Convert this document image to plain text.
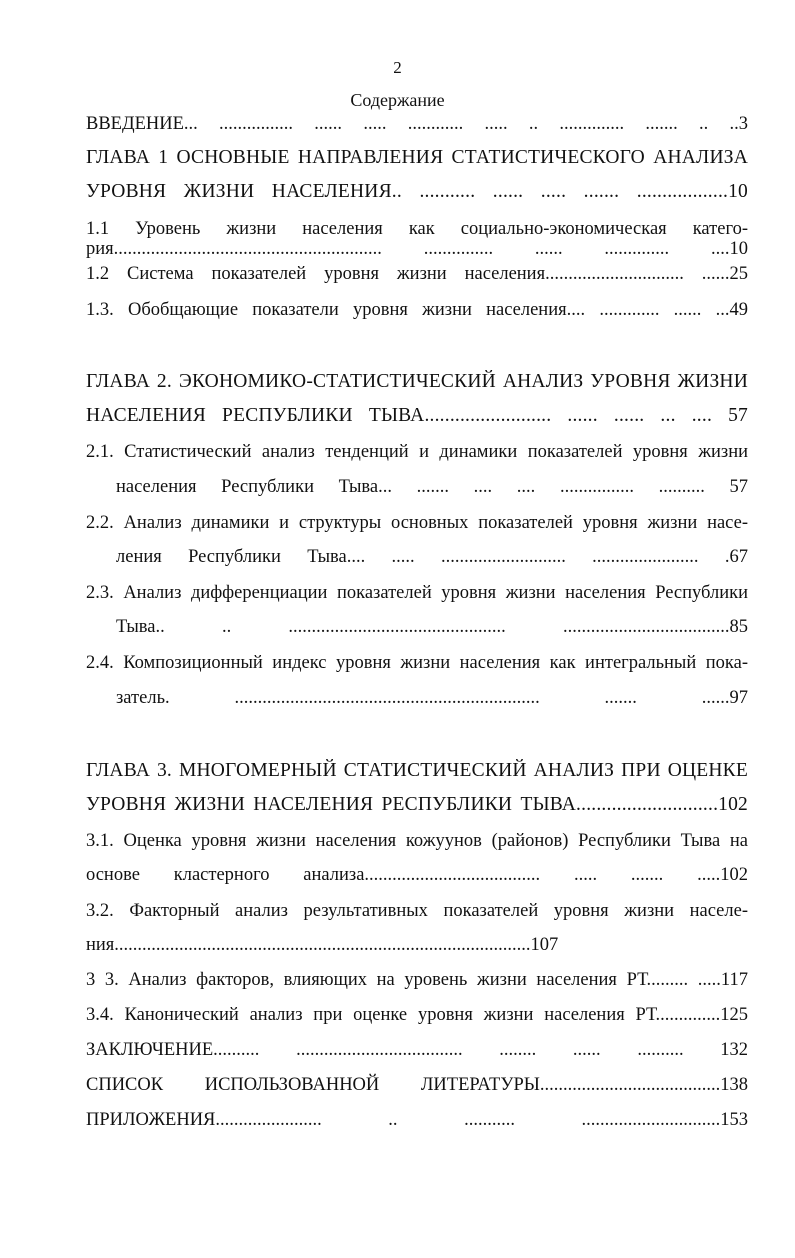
2
Содержание
ВВЕДЕНИЕ... ................ ...... ..... ............ ..... .. .............. ....... .. ..3
ГЛАВА 1 ОСНОВНЫЕ НАПРАВЛЕНИЯ СТАТИСТИЧЕСКОГО АНАЛИЗА
УРОВНЯ ЖИЗНИ НАСЕЛЕНИЯ.. ........... ...... ..... ....... ..................10
1.1 Уровень жизни населения как социально-экономическая катего-
рия.......................................................... ............... ...... .............. ....10
1.2 Система показателей уровня жизни населения.............................. ......25
1.3. Обобщающие показатели уровня жизни населения.... ............. ...... ...49
ГЛАВА 2. ЭКОНОМИКО-СТАТИСТИЧЕСКИЙ АНАЛИЗ УРОВНЯ ЖИЗНИ
НАСЕЛЕНИЯ РЕСПУБЛИКИ ТЫВА......................... ...... ...... ... .... 57
2.1. Статистический анализ тенденций и динамики показателей уровня жизни
населения Республики Тыва... ....... .... .... ................ .......... 57
2.2. Анализ динамики и структуры основных показателей уровня жизни насе-
ления Республики Тыва.... ..... ........................... ....................... .67
2.3. Анализ дифференциации показателей уровня жизни населения Республики
Тыва.. .. ............................................... ....................................85
2.4. Композиционный индекс уровня жизни населения как интегральный пока-
затель. .................................................................. ....... ......97
ГЛАВА 3. МНОГОМЕРНЫЙ СТАТИСТИЧЕСКИЙ АНАЛИЗ ПРИ ОЦЕНКЕ
УРОВНЯ ЖИЗНИ НАСЕЛЕНИЯ РЕСПУБЛИКИ ТЫВА............................102
3.1. Оценка уровня жизни населения кожуунов (районов) Республики Тыва на
основе кластерного анализа...................................... ..... ....... .....102
3.2. Факторный анализ результативных показателей уровня жизни населе-
ния..........................................................................................107
3 3. Анализ факторов, влияющих на уровень жизни населения РТ......... .....117
3.4. Канонический анализ при оценке уровня жизни населения РТ..............125
ЗАКЛЮЧЕНИЕ.......... .................................... ........ ...... .......... 132
СПИСОК ИСПОЛЬЗОВАННОЙ ЛИТЕРАТУРЫ.......................................138
ПРИЛОЖЕНИЯ....................... .. ........... ..............................153
